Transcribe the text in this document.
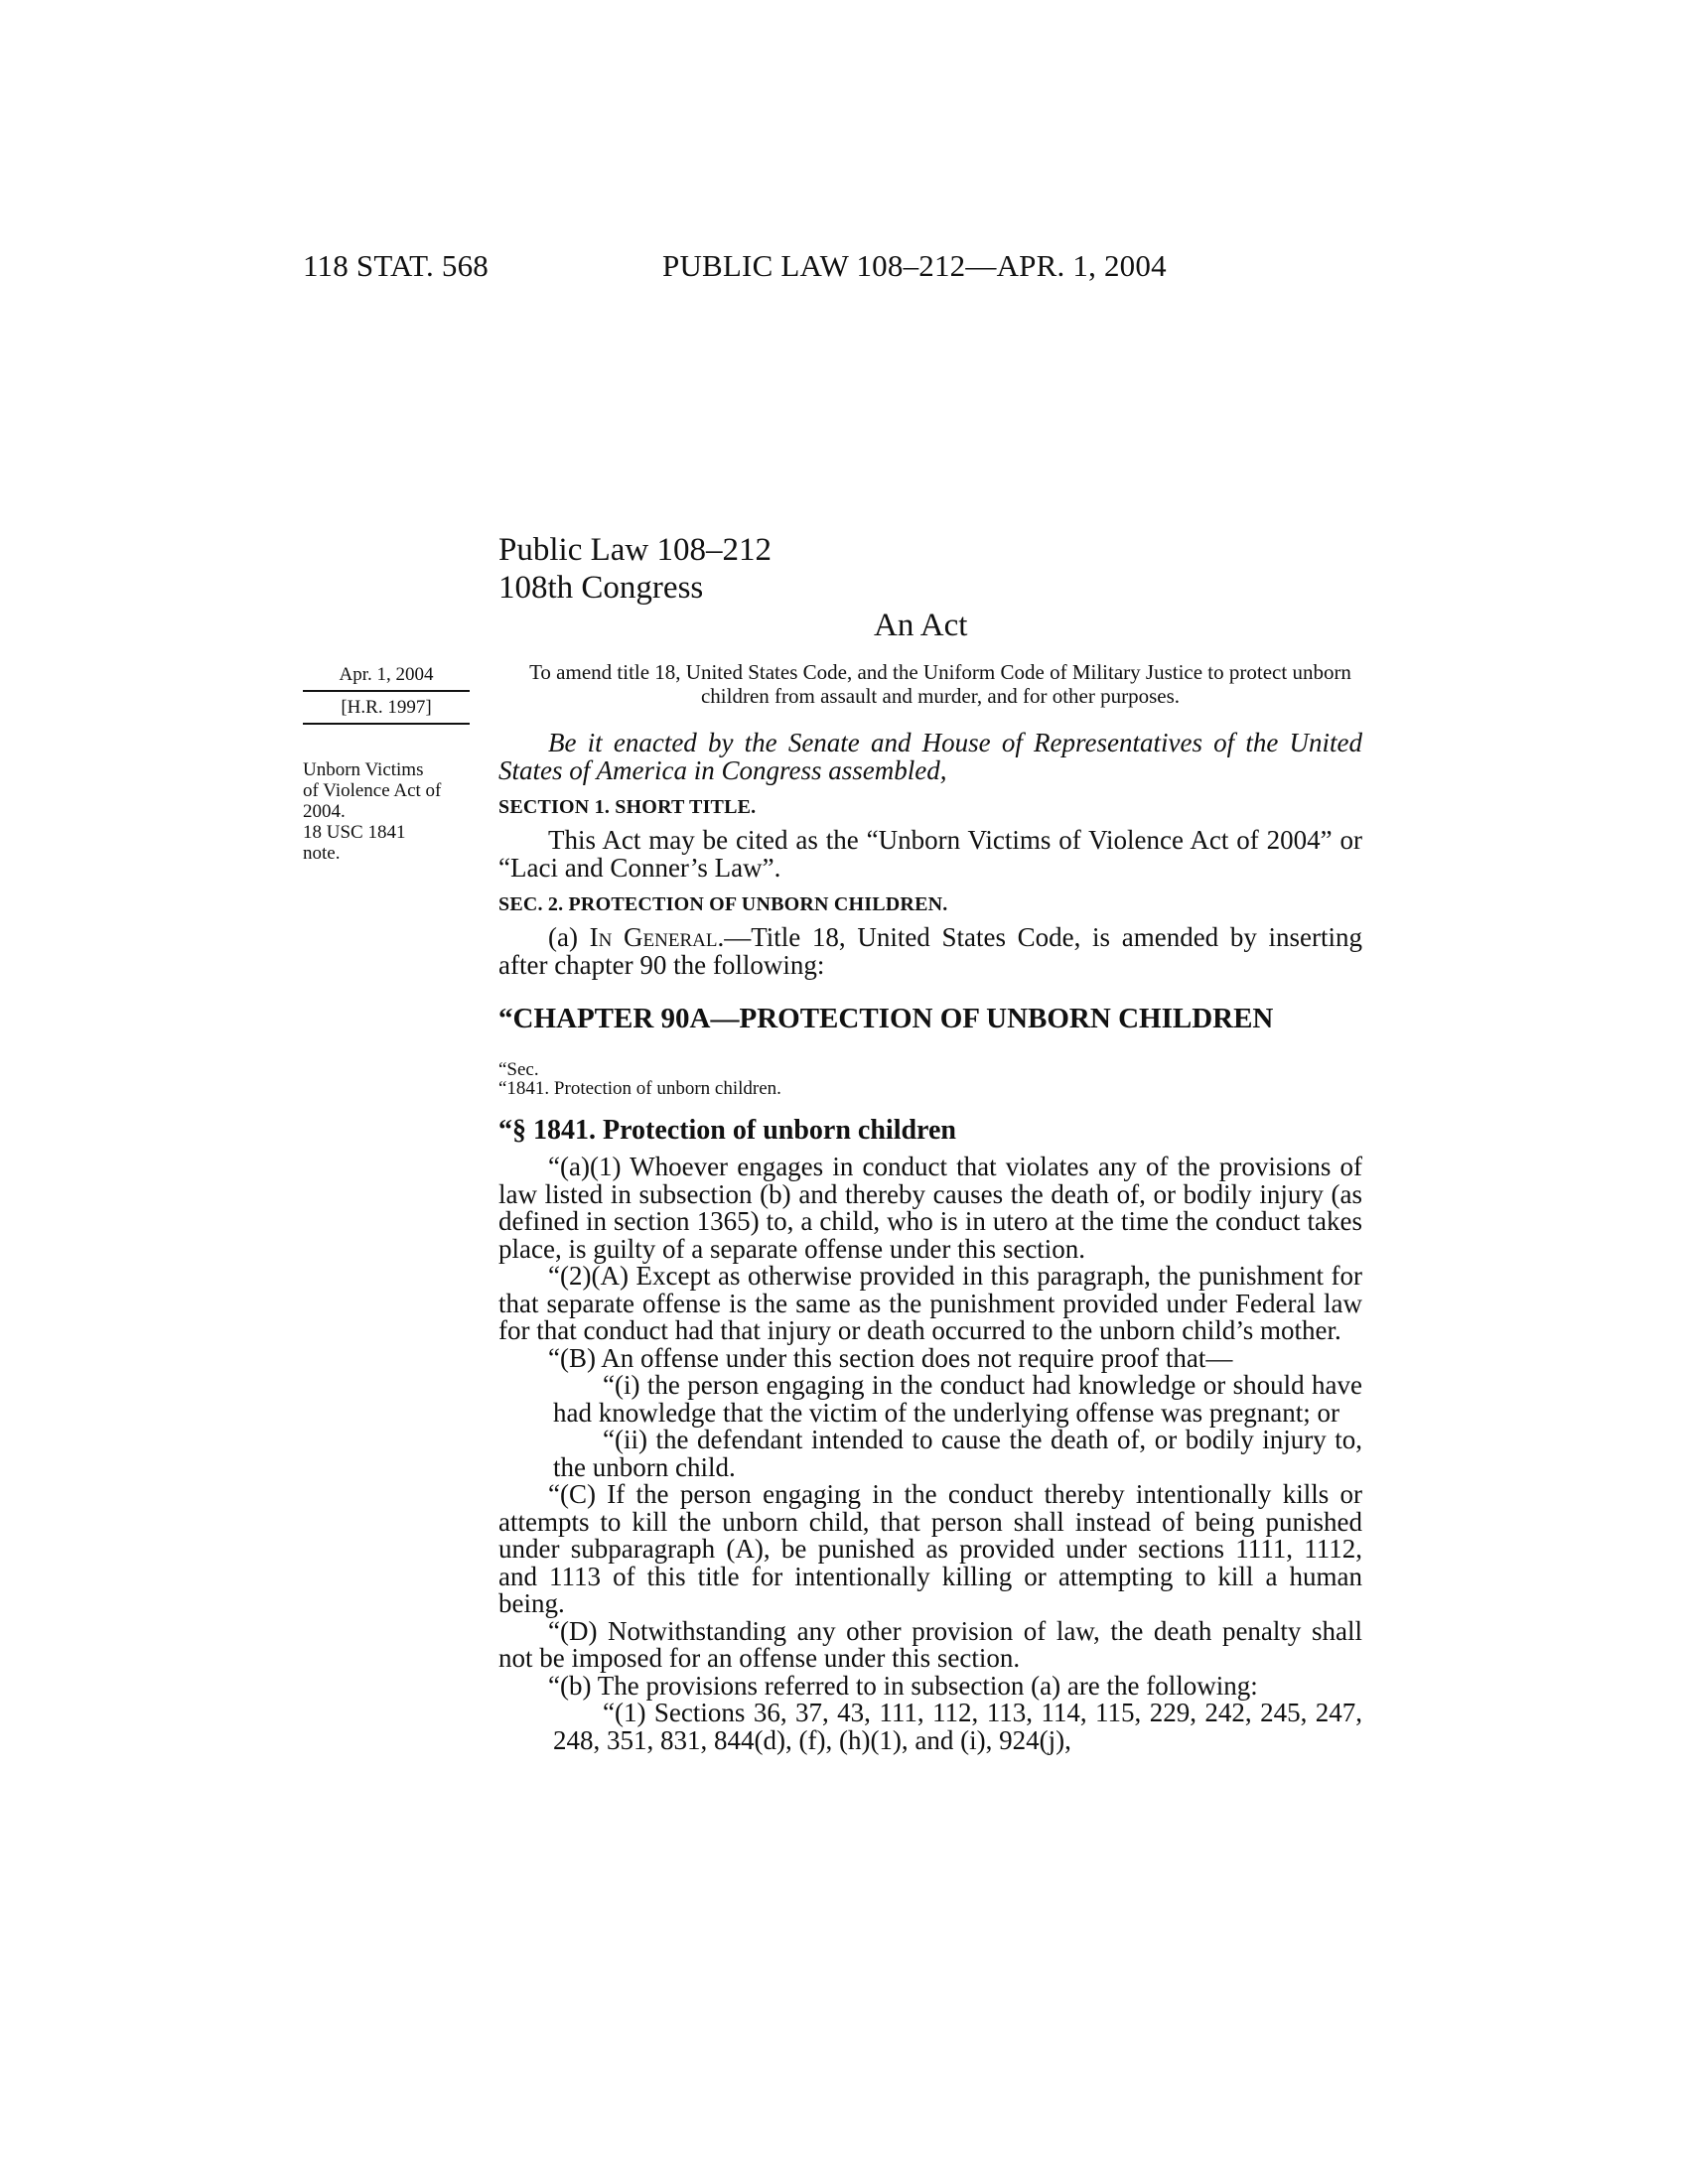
118 STAT. 568	PUBLIC LAW 108–212—APR. 1, 2004
Public Law 108–212
108th Congress
An Act
Apr. 1, 2004
[H.R. 1997]
Unborn Victims
of Violence Act of
2004.
18 USC 1841
note.
To amend title 18, United States Code, and the Uniform Code of Military Justice to protect unborn children from assault and murder, and for other purposes.

Be it enacted by the Senate and House of Representatives of the United States of America in Congress assembled,

SECTION 1. SHORT TITLE.

This Act may be cited as the “Unborn Victims of Violence Act of 2004” or “Laci and Conner’s Law”.

SEC. 2. PROTECTION OF UNBORN CHILDREN.

(a) In General.—Title 18, United States Code, is amended by inserting after chapter 90 the following:

“CHAPTER 90A—PROTECTION OF UNBORN CHILDREN
“Sec.
“1841. Protection of unborn children.
“§ 1841. Protection of unborn children

“(a)(1) Whoever engages in conduct that violates any of the provisions of law listed in subsection (b) and thereby causes the death of, or bodily injury (as defined in section 1365) to, a child, who is in utero at the time the conduct takes place, is guilty of a separate offense under this section.

“(2)(A) Except as otherwise provided in this paragraph, the punishment for that separate offense is the same as the punishment provided under Federal law for that conduct had that injury or death occurred to the unborn child’s mother.

“(B) An offense under this section does not require proof that—

“(i) the person engaging in the conduct had knowledge or should have had knowledge that the victim of the underlying offense was pregnant; or

“(ii) the defendant intended to cause the death of, or bodily injury to, the unborn child.

“(C) If the person engaging in the conduct thereby intentionally kills or attempts to kill the unborn child, that person shall instead of being punished under subparagraph (A), be punished as provided under sections 1111, 1112, and 1113 of this title for intentionally killing or attempting to kill a human being.

“(D) Notwithstanding any other provision of law, the death penalty shall not be imposed for an offense under this section.

“(b) The provisions referred to in subsection (a) are the following:

“(1) Sections 36, 37, 43, 111, 112, 113, 114, 115, 229, 242, 245, 247, 248, 351, 831, 844(d), (f), (h)(1), and (i), 924(j),
